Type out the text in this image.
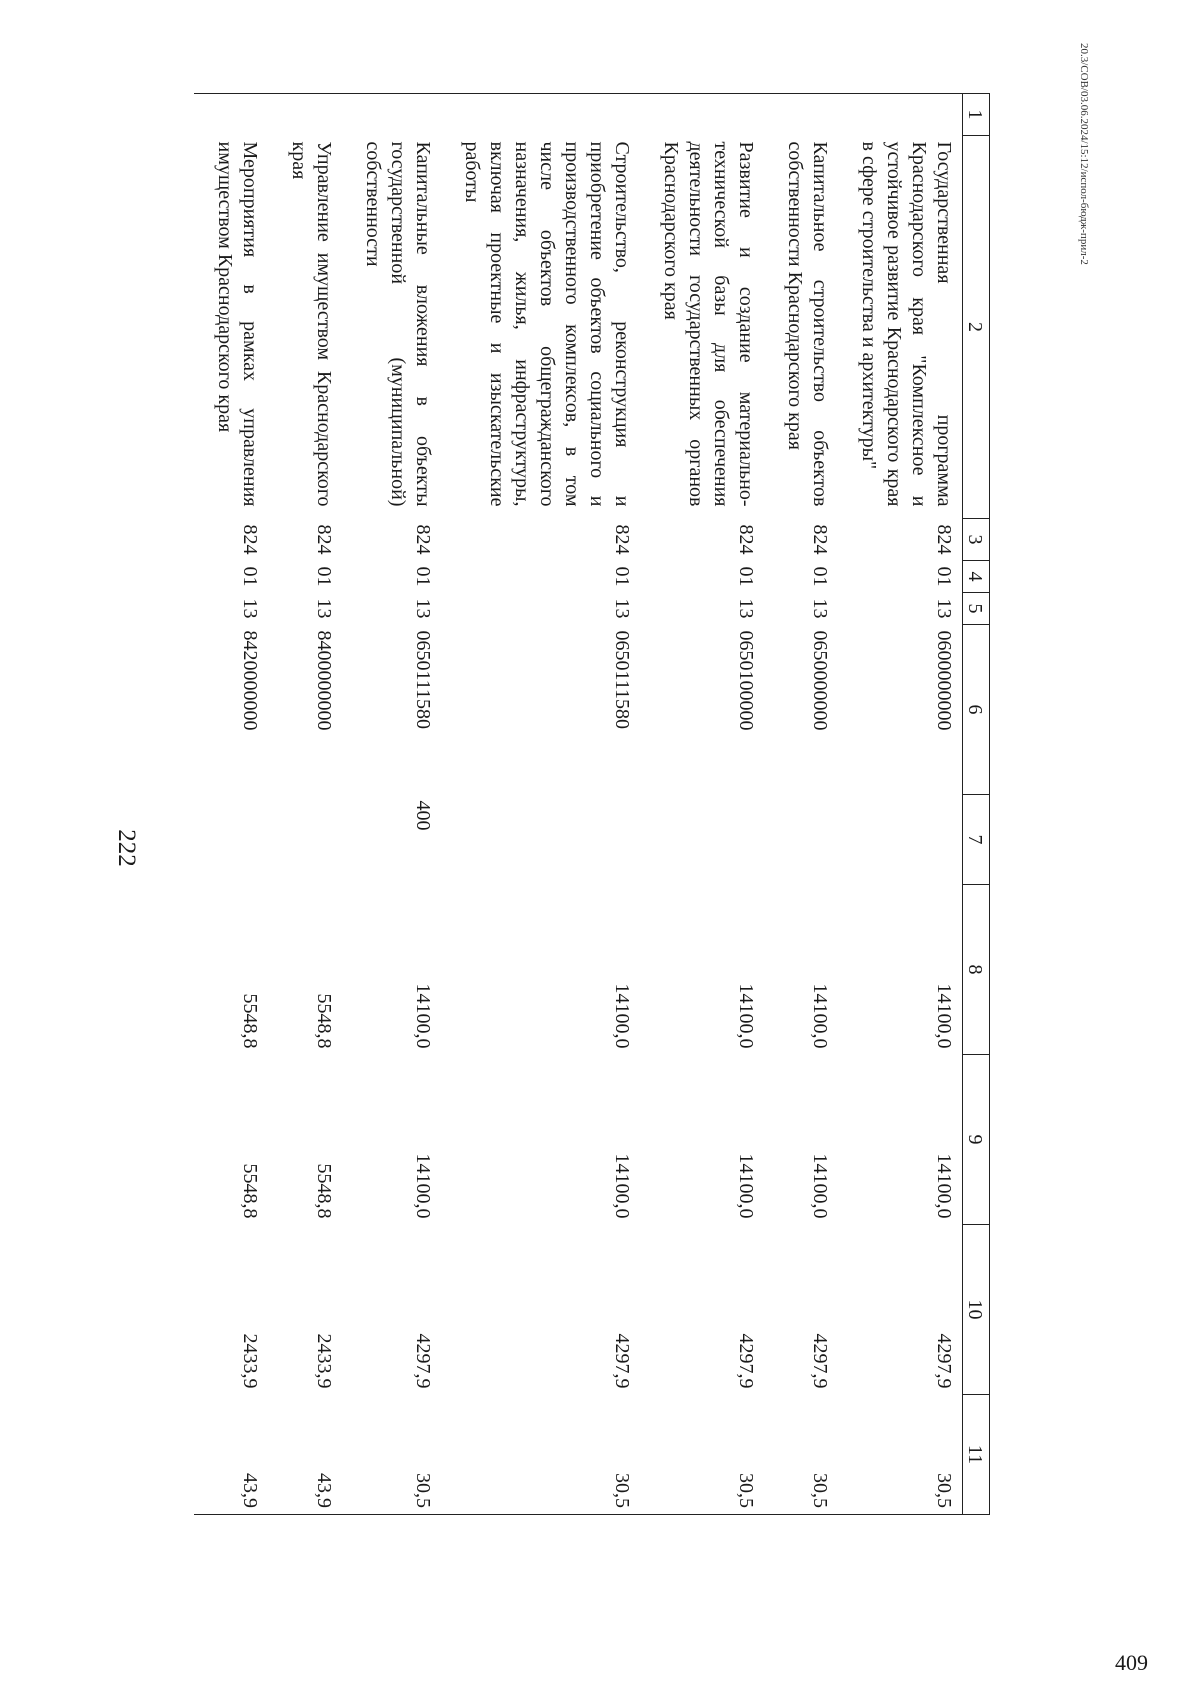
20.3/СОВ/03.06.2024/15:12/испол-бюдж-прил-2
1	2	3	4	5	6	7	8	9	10	11
	Государственная программа Краснодарского края "Комплексное и устойчивое развитие Краснодарского края в сфере строительства и архитектуры"	824	01	13	0600000000		14100,0	14100,0	4297,9	30,5
	Капитальное строительство объектов собственности Краснодарского края	824	01	13	0650000000		14100,0	14100,0	4297,9	30,5
	Развитие и создание материально-технической базы для обеспечения деятельности государственных органов Краснодарского края	824	01	13	0650100000		14100,0	14100,0	4297,9	30,5
	Строительство, реконструкция и приобретение объектов социального и производственного комплексов, в том числе объектов общегражданского назначения, жилья, инфраструктуры, включая проектные и изыскательские работы	824	01	13	0650111580		14100,0	14100,0	4297,9	30,5
	Капитальные вложения в объекты государственной (муниципальной) собственности	824	01	13	0650111580	400	14100,0	14100,0	4297,9	30,5
	Управление имуществом Краснодарского края	824	01	13	8400000000		5548,8	5548,8	2433,9	43,9
	Мероприятия в рамках управления имуществом Краснодарского края	824	01	13	8420000000		5548,8	5548,8	2433,9	43,9
222
409
